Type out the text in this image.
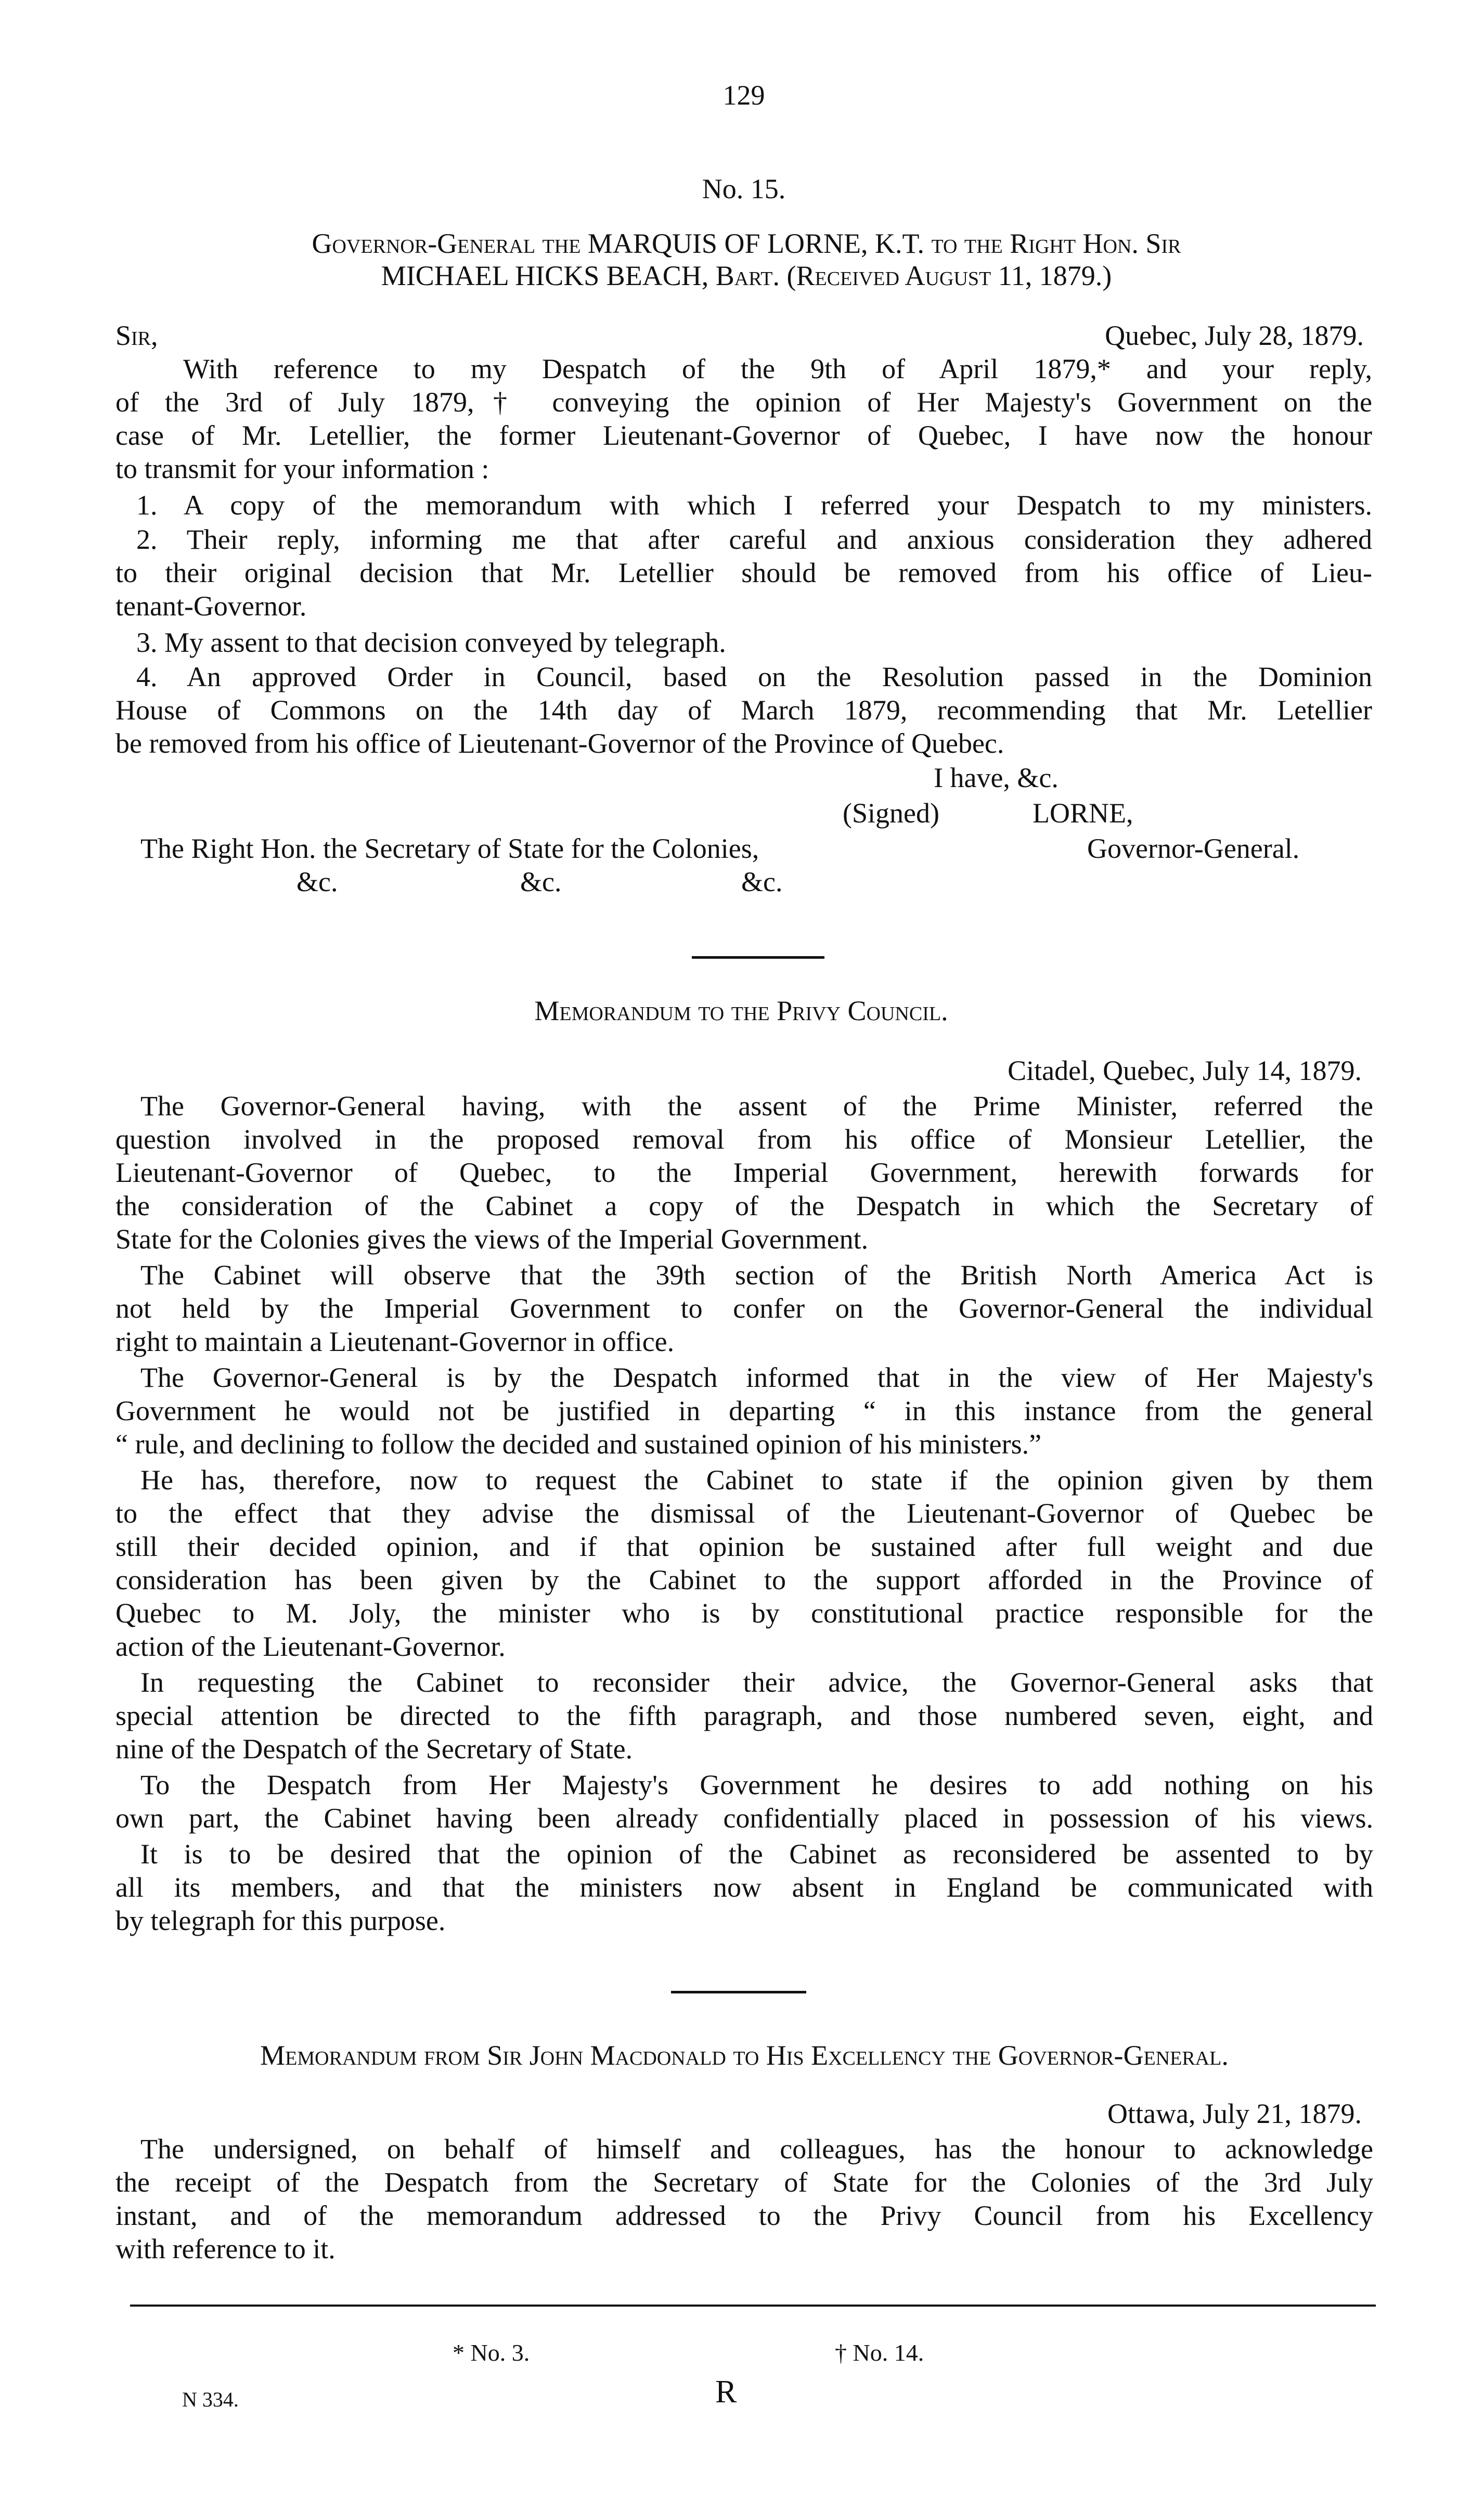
129
No. 15.
Governor-General the MARQUIS OF LORNE, K.T. to the Right Hon. Sir
MICHAEL HICKS BEACH, Bart. (Received August 11, 1879.)
Sir,	Quebec, July 28, 1879.
With reference to my Despatch of the 9th of April 1879,* and your reply,
of the 3rd of July 1879,† conveying the opinion of Her Majesty's Government on the
case of Mr. Letellier, the former Lieutenant-Governor of Quebec, I have now the honour
to transmit for your information :
1. A copy of the memorandum with which I referred your Despatch to my ministers.
2. Their reply, informing me that after careful and anxious consideration they adhered
to their original decision that Mr. Letellier should be removed from his office of Lieu-
tenant-Governor.
3. My assent to that decision conveyed by telegraph.
4. An approved Order in Council, based on the Resolution passed in the Dominion
House of Commons on the 14th day of March 1879, recommending that Mr. Letellier
be removed from his office of Lieutenant-Governor of the Province of Quebec.
I have, &c.
(Signed)	LORNE,
The Right Hon. the Secretary of State for the Colonies,	Governor-General.
&c.	&c.	&c.
Memorandum to the Privy Council.
Citadel, Quebec, July 14, 1879.
The Governor-General having, with the assent of the Prime Minister, referred the
question involved in the proposed removal from his office of Monsieur Letellier, the
Lieutenant-Governor of Quebec, to the Imperial Government, herewith forwards for
the consideration of the Cabinet a copy of the Despatch in which the Secretary of
State for the Colonies gives the views of the Imperial Government.
The Cabinet will observe that the 39th section of the British North America Act is
not held by the Imperial Government to confer on the Governor-General the individual
right to maintain a Lieutenant-Governor in office.
The Governor-General is by the Despatch informed that in the view of Her Majesty's
Government he would not be justified in departing “ in this instance from the general
“ rule, and declining to follow the decided and sustained opinion of his ministers.”
He has, therefore, now to request the Cabinet to state if the opinion given by them
to the effect that they advise the dismissal of the Lieutenant-Governor of Quebec be
still their decided opinion, and if that opinion be sustained after full weight and due
consideration has been given by the Cabinet to the support afforded in the Province of
Quebec to M. Joly, the minister who is by constitutional practice responsible for the
action of the Lieutenant-Governor.
In requesting the Cabinet to reconsider their advice, the Governor-General asks that
special attention be directed to the fifth paragraph, and those numbered seven, eight, and
nine of the Despatch of the Secretary of State.
To the Despatch from Her Majesty's Government he desires to add nothing on his
own part, the Cabinet having been already confidentially placed in possession of his views.
It is to be desired that the opinion of the Cabinet as reconsidered be assented to by
all its members, and that the ministers now absent in England be communicated with
by telegraph for this purpose.
Memorandum from Sir John Macdonald to His Excellency the Governor-General.
Ottawa, July 21, 1879.
The undersigned, on behalf of himself and colleagues, has the honour to acknowledge
the receipt of the Despatch from the Secretary of State for the Colonies of the 3rd July
instant, and of the memorandum addressed to the Privy Council from his Excellency
with reference to it.
* No. 3.	† No. 14.
N 334.	R
